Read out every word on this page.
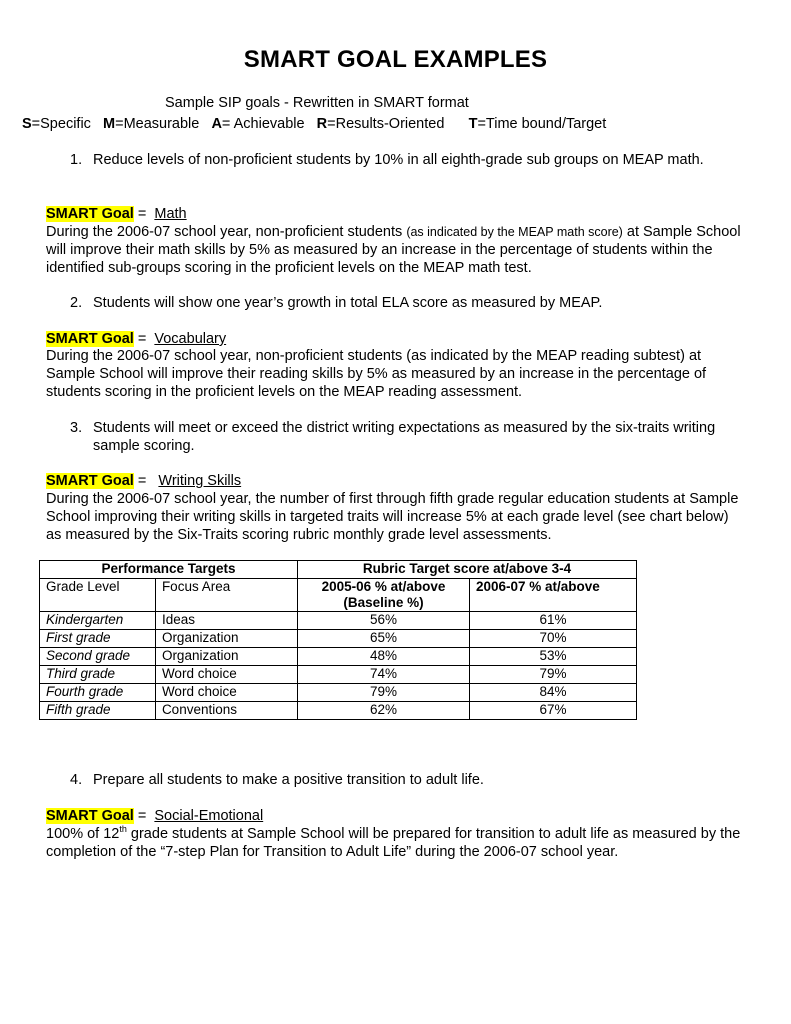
SMART GOAL EXAMPLES
Sample SIP goals - Rewritten in SMART format
S=Specific M=Measurable A= Achievable R=Results-Oriented T=Time bound/Target
1. Reduce levels of non-proficient students by 10% in all eighth-grade sub groups on MEAP math.
SMART Goal =  Math
During the 2006-07 school year, non-proficient students (as indicated by the MEAP math score) at Sample School will improve their math skills by 5% as measured by an increase in the percentage of students within the identified sub-groups scoring in the proficient levels on the MEAP math test.
2. Students will show one year’s growth in total ELA score as measured by MEAP.
SMART Goal =  Vocabulary
During the 2006-07 school year, non-proficient students (as indicated by the MEAP reading subtest) at Sample School will improve their reading skills by 5% as measured by an increase in the percentage of students scoring in the proficient levels on the MEAP reading assessment.
3. Students will meet or exceed the district writing expectations as measured by the six-traits writing sample scoring.
SMART Goal =   Writing Skills
During the 2006-07 school year, the number of first through fifth grade regular education students at Sample School improving their writing skills in targeted traits will increase 5% at each grade level (see chart below) as measured by the Six-Traits scoring rubric monthly grade level assessments.
Performance Targets		Rubric Target score at/above 3-4	
Grade Level	Focus Area	2005-06 % at/above (Baseline %)	2006-07 % at/above
Kindergarten	Ideas	56%	61%
First grade	Organization	65%	70%
Second grade	Organization	48%	53%
Third grade	Word choice	74%	79%
Fourth grade	Word choice	79%	84%
Fifth grade	Conventions	62%	67%
4. Prepare all students to make a positive transition to adult life.
SMART Goal =  Social-Emotional
100% of 12th grade students at Sample School will be prepared for transition to adult life as measured by the completion of the “7-step Plan for Transition to Adult Life” during the 2006-07 school year.
